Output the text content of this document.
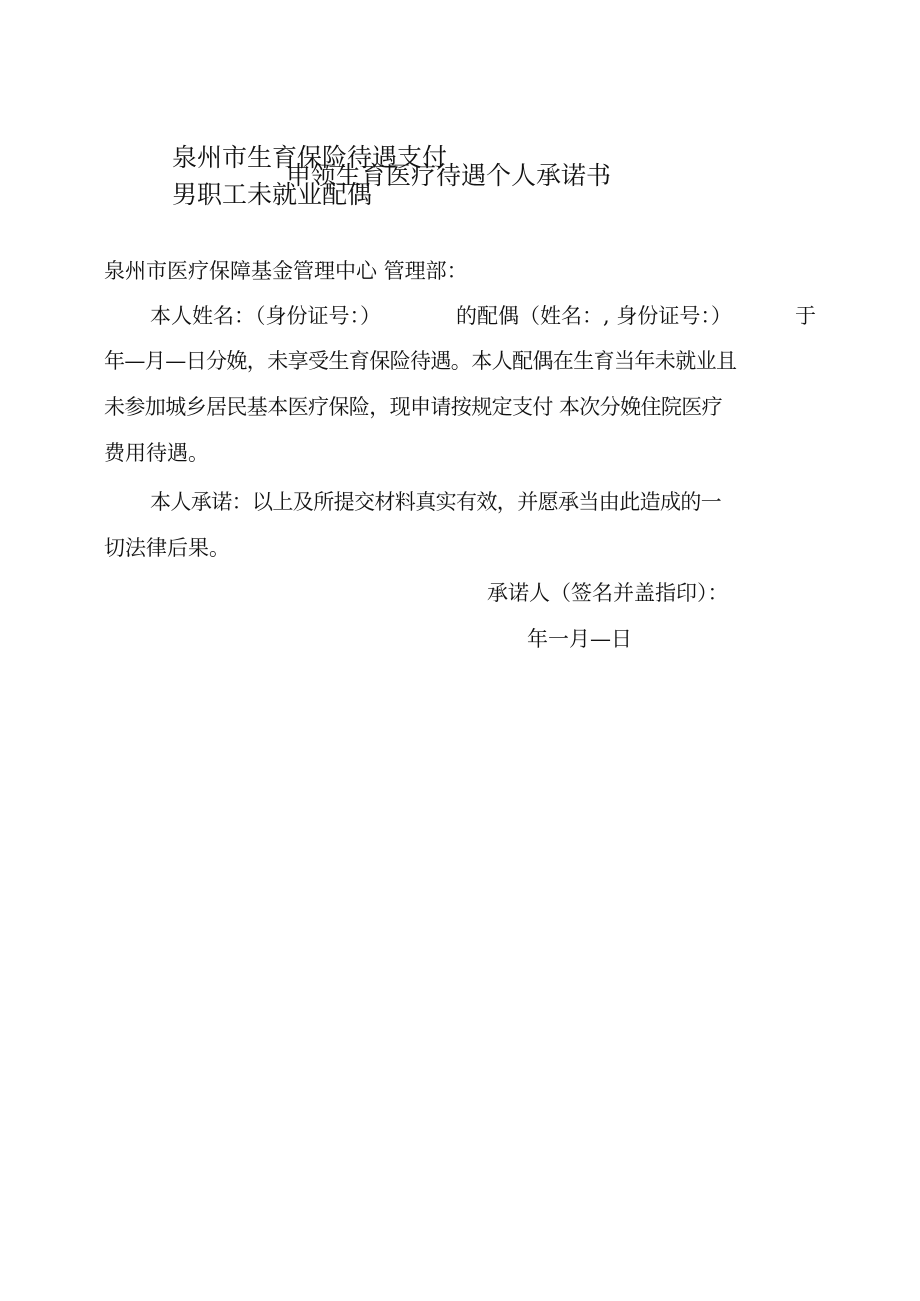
泉州市生育保险待遇支付
申领生育医疗待遇个人承诺书
男职工未就业配偶
泉州市医疗保障基金管理中心 管理部：
本人姓名：（身份证号：）	的配偶（姓名：, 身份证号：）	于
年—月—日分娩，未享受生育保险待遇。本人配偶在生育当年未就业且
未参加城乡居民基本医疗保险，现申请按规定支付 本次分娩住院医疗
费用待遇。
本人承诺：以上及所提交材料真实有效，并愿承当由此造成的一
切法律后果。
承诺人（签名并盖指印）：
年一月—日
